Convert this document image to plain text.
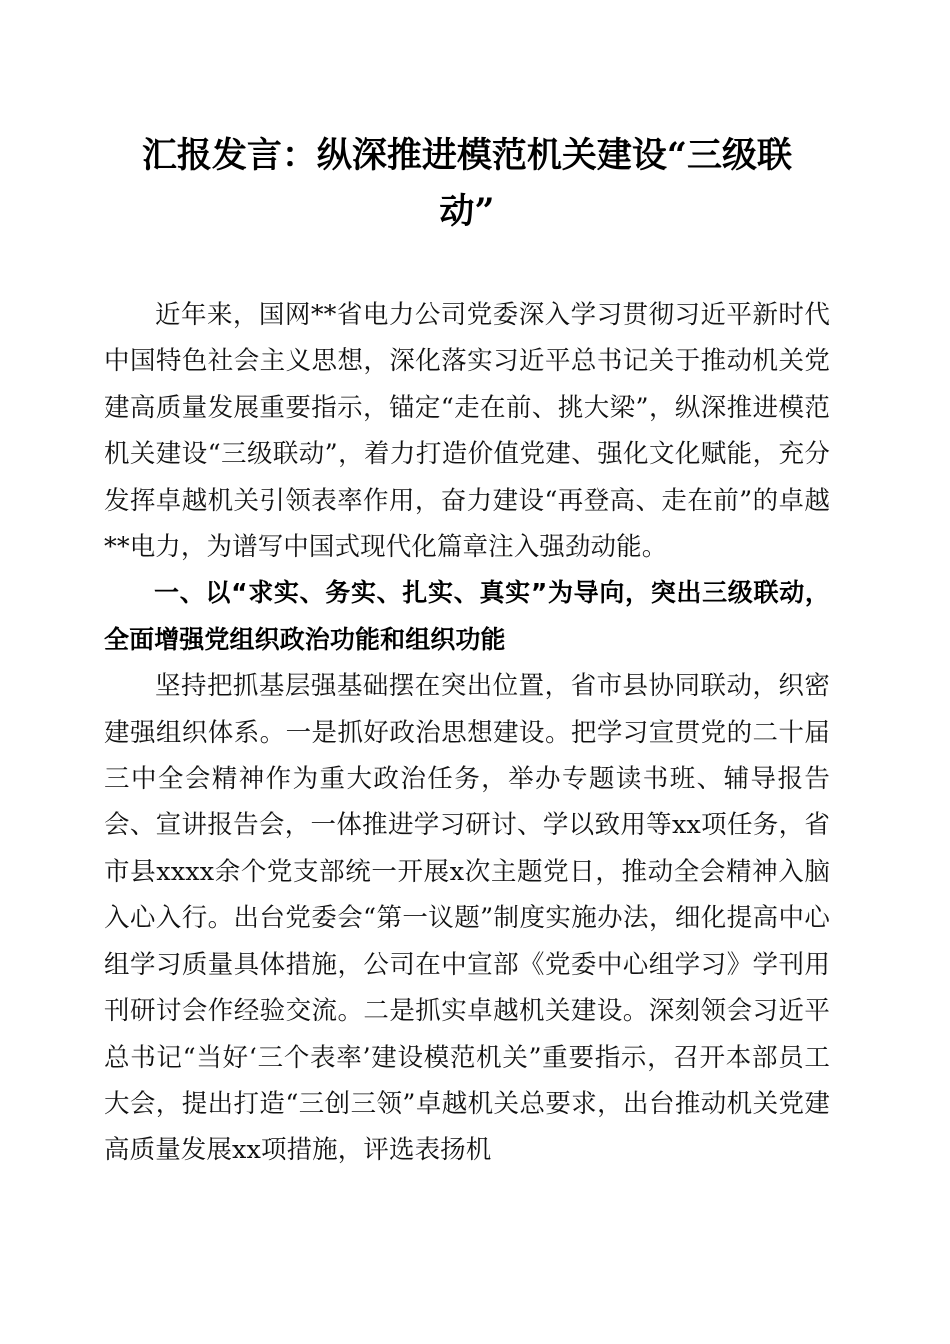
汇报发言：纵深推进模范机关建设“三级联动”

近年来，国网**省电力公司党委深入学习贯彻习近平新时代中国特色社会主义思想，深化落实习近平总书记关于推动机关党建高质量发展重要指示，锚定“走在前、挑大梁”，纵深推进模范机关建设“三级联动”，着力打造价值党建、强化文化赋能，充分发挥卓越机关引领表率作用，奋力建设“再登高、走在前”的卓越**电力，为谱写中国式现代化篇章注入强劲动能。

一、以“求实、务实、扎实、真实”为导向，突出三级联动，全面增强党组织政治功能和组织功能

坚持把抓基层强基础摆在突出位置，省市县协同联动，织密建强组织体系。一是抓好政治思想建设。把学习宣贯党的二十届三中全会精神作为重大政治任务，举办专题读书班、辅导报告会、宣讲报告会，一体推进学习研讨、学以致用等xx项任务，省市县xxxx余个党支部统一开展x次主题党日，推动全会精神入脑入心入行。出台党委会“第一议题”制度实施办法，细化提高中心组学习质量具体措施，公司在中宣部《党委中心组学习》学刊用刊研讨会作经验交流。二是抓实卓越机关建设。深刻领会习近平总书记“当好‘三个表率’建设模范机关”重要指示，召开本部员工大会，提出打造“三创三领”卓越机关总要求，出台推动机关党建高质量发展xx项措施，评选表扬机
